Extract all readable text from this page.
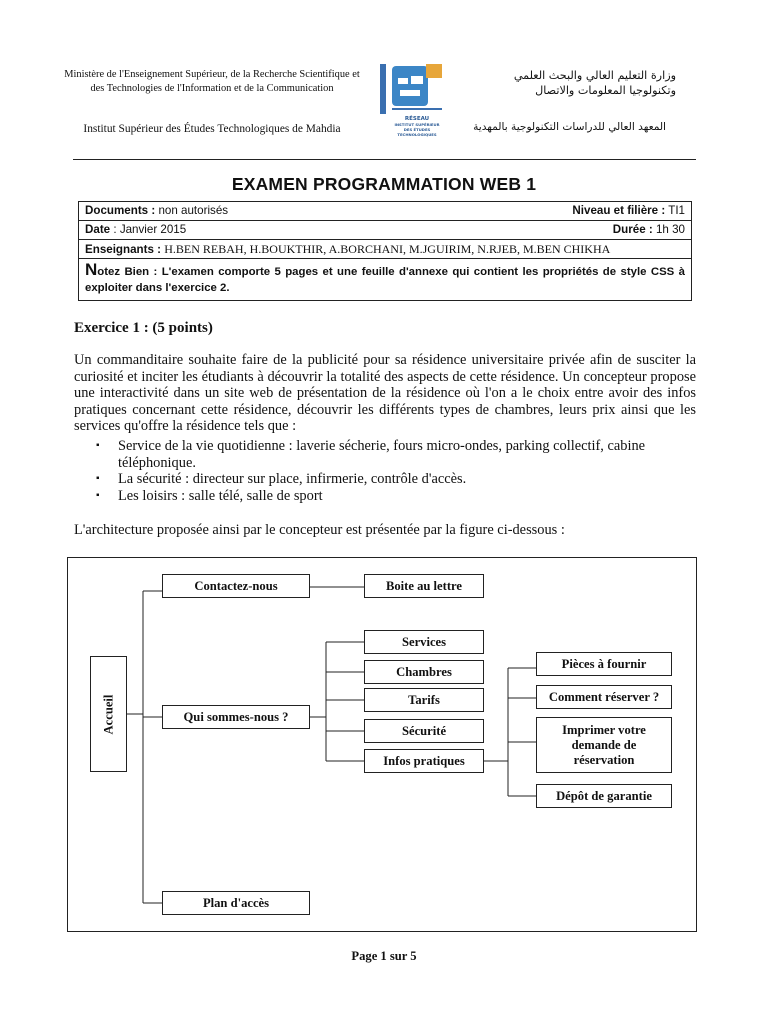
Ministère de l'Enseignement Supérieur, de la Recherche Scientifique et des Technologies de l'Information et de la Communication
Institut Supérieur des Études Technologiques de Mahdia
RÉSEAU
INSTITUT SUPÉRIEUR
DES ÉTUDES
TECHNOLOGIQUES
وزارة التعليم العالي والبحث العلمي
وتكنولوجيا المعلومات والاتصال
المعهد العالي للدراسات التكنولوجية بالمهدية
EXAMEN PROGRAMMATION WEB 1
Documents : non autorisés	Niveau et filière : TI1
Date : Janvier 2015	Durée : 1h 30
Enseignants : H.BEN REBAH, H.BOUKTHIR, A.BORCHANI, M.JGUIRIM, N.RJEB, M.BEN CHIKHA
Notez Bien : L'examen comporte 5 pages et une feuille d'annexe qui contient les propriétés de style CSS à exploiter dans l'exercice 2.
Exercice 1 : (5 points)
Un commanditaire souhaite faire de la publicité pour sa résidence universitaire privée afin de susciter la curiosité et inciter les étudiants à découvrir la totalité des aspects de cette résidence. Un concepteur propose une interactivité dans un site web de présentation de la résidence où l'on a le choix entre avoir des infos pratiques concernant cette résidence, découvrir les différents types de chambres, leurs prix ainsi que les services qu'offre la résidence tels que :
▪ Service de la vie quotidienne : laverie sécherie, fours micro-ondes, parking collectif, cabine téléphonique.
▪ La sécurité : directeur sur place, infirmerie, contrôle d'accès.
▪ Les loisirs : salle télé, salle de sport
L'architecture proposée ainsi par le concepteur est présentée par la figure ci-dessous :
Accueil
Contactez-nous
Qui sommes-nous ?
Plan d'accès
Boite au lettre
Services
Chambres
Tarifs
Sécurité
Infos pratiques
Pièces à fournir
Comment réserver ?
Imprimer votre demande de réservation
Dépôt de garantie
Page 1 sur 5
